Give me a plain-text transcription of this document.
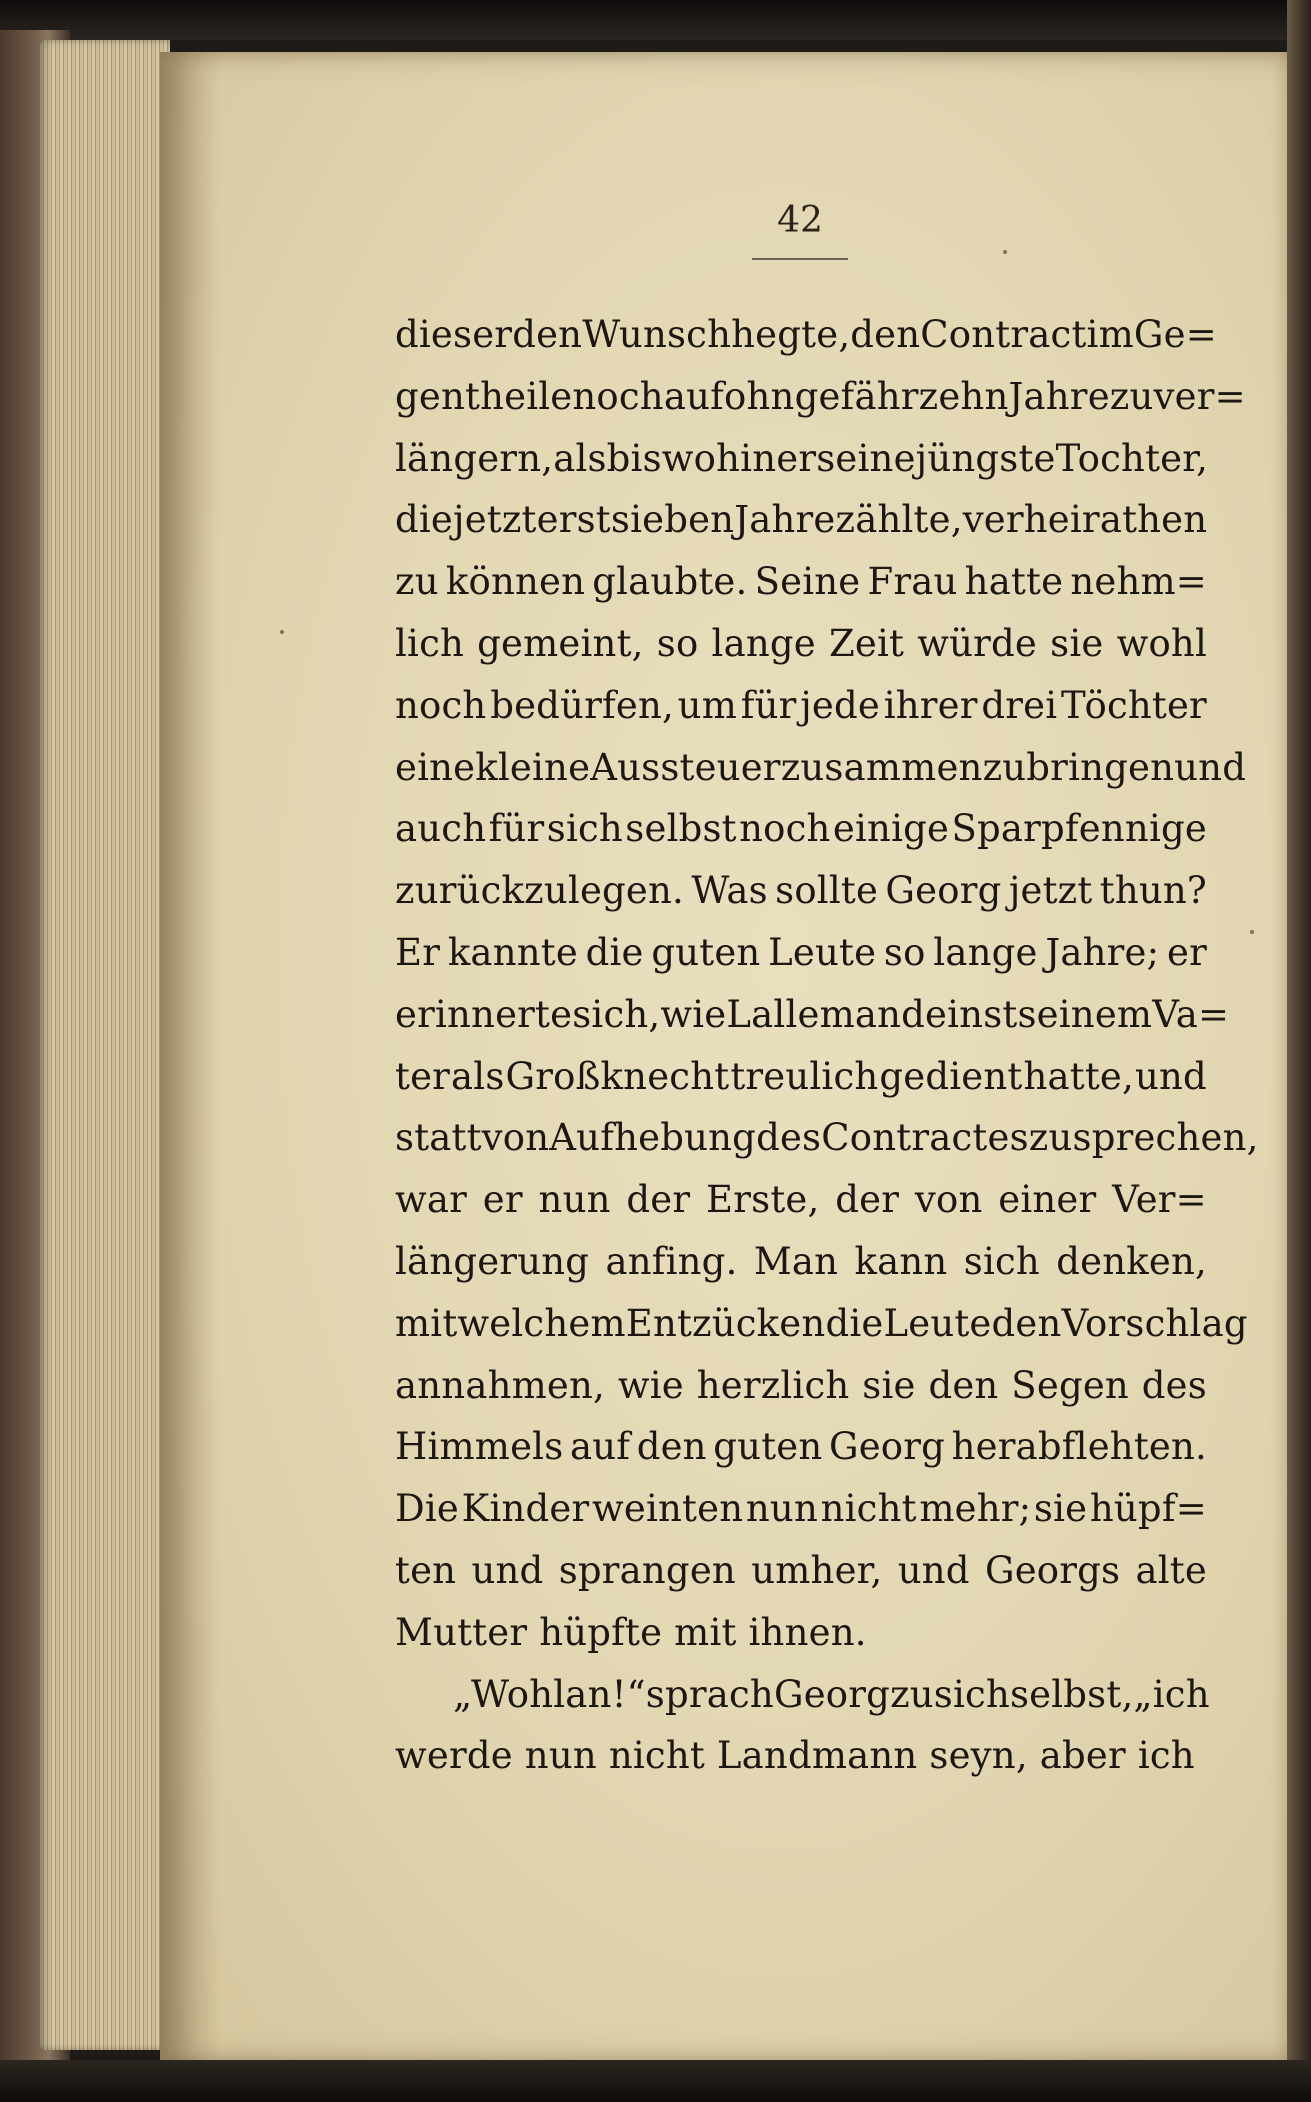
42
dieser den Wunsch hegte, den Contract im Ge=
gentheile noch auf ohngefähr zehn Jahre zu ver=
längern, als bis wohin er seine jüngste Tochter,
die jetzt erst sieben Jahre zählte, verheirathen
zu können glaubte. Seine Frau hatte nehm=
lich gemeint, so lange Zeit würde sie wohl
noch bedürfen, um für jede ihrer drei Töchter
eine kleine Aussteuer zusammenzubringen und
auch für sich selbst noch einige Sparpfennige
zurückzulegen. Was sollte Georg jetzt thun?
Er kannte die guten Leute so lange Jahre; er
erinnerte sich, wie Lallemand einst seinem Va=
ter als Großknecht treulich gedient hatte, und
statt von Aufhebung des Contractes zu sprechen,
war er nun der Erste, der von einer Ver=
längerung anfing. Man kann sich denken,
mit welchem Entzücken die Leute den Vorschlag
annahmen, wie herzlich sie den Segen des
Himmels auf den guten Georg herabflehten.
Die Kinder weinten nun nicht mehr; sie hüpf=
ten und sprangen umher, und Georgs alte
Mutter hüpfte mit ihnen.
„Wohlan!“ sprach Georg zu sich selbst, „ich
werde nun nicht Landmann seyn, aber ich
